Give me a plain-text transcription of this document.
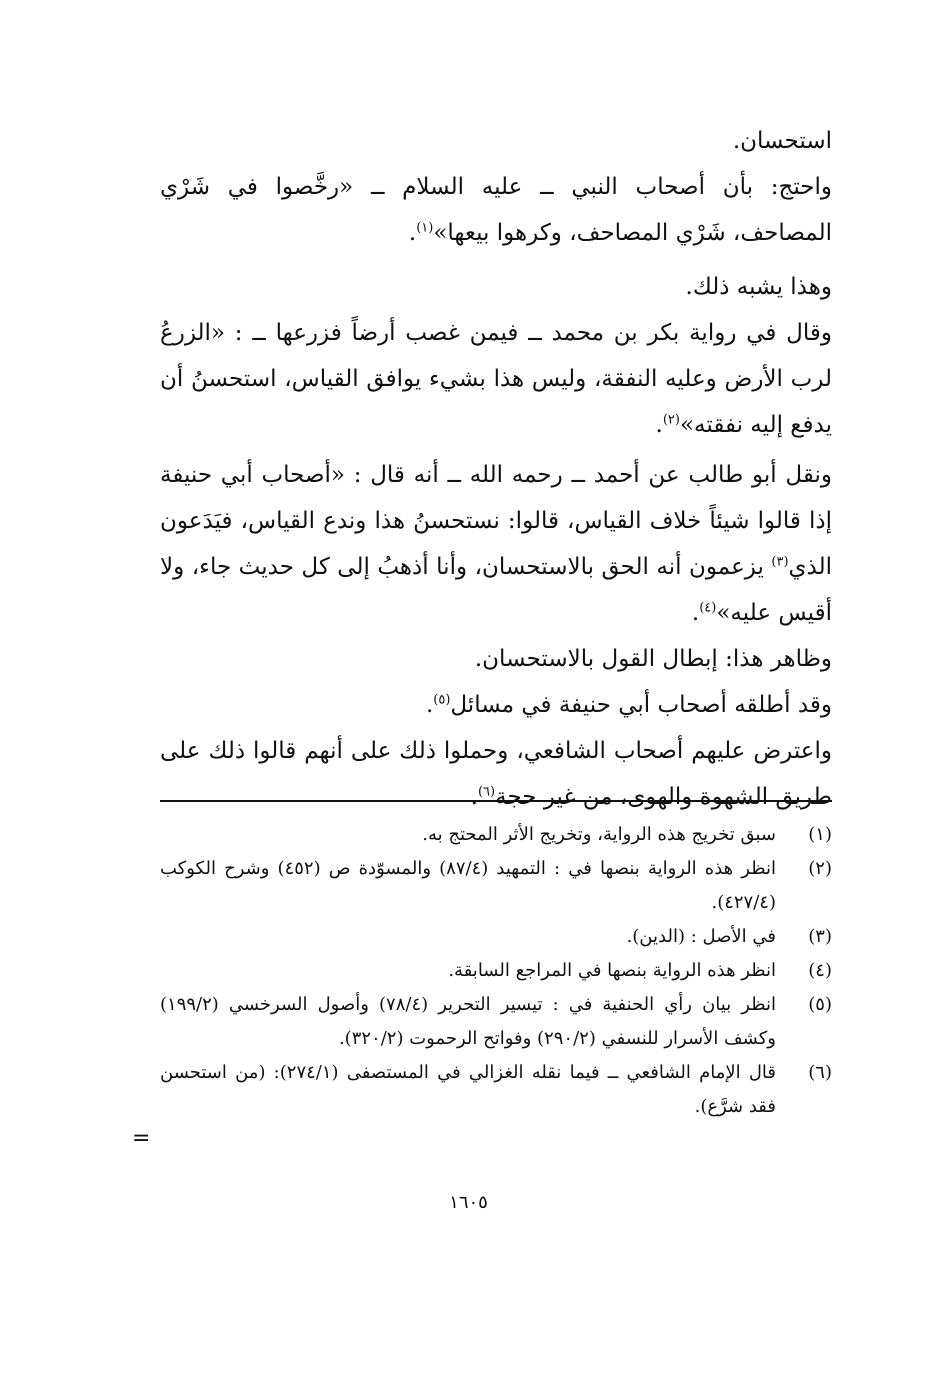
استحسان.

واحتج: بأن أصحاب النبي ــ عليه السلام ــ «رخَّصوا في شَرْي المصاحف، شَرْي المصاحف، وكرهوا بيعها»$^{(١)}$.

وهذا يشبه ذلك.

وقال في رواية بكر بن محمد ــ فيمن غصب أرضاً فزرعها ــ : «الزرعُ لرب الأرض وعليه النفقة، وليس هذا بشيء يوافق القياس، استحسنُ أن يدفع إليه نفقته»$^{(٢)}$.

ونقل أبو طالب عن أحمد ــ رحمه الله ــ أنه قال : «أصحاب أبي حنيفة إذا قالوا شيئاً خلاف القياس، قالوا: نستحسنُ هذا وندع القياس، فيَدَعون الذي$^{(٣)}$ يزعمون أنه الحق بالاستحسان، وأنا أذهبُ إلى كل حديث جاء، ولا أقيس عليه»$^{(٤)}$.

وظاهر هذا: إبطال القول بالاستحسان.

وقد أطلقه أصحاب أبي حنيفة في مسائل$^{(٥)}$.

واعترض عليهم أصحاب الشافعي، وحملوا ذلك على أنهم قالوا ذلك على طريق الشهوة والهوى، من غير حجة$^{(٦)}$.

(١)
سبق تخريج هذه الرواية، وتخريج الأثر المحتج به.
(٢)
انظر هذه الرواية بنصها في : التمهيد (٨٧/٤) والمسوّدة ص (٤٥٢) وشرح الكوكب (٤٢٧/٤).
(٣)
في الأصل : (الدين).
(٤)
انظر هذه الرواية بنصها في المراجع السابقة.
(٥)
انظر بيان رأي الحنفية في : تيسير التحرير (٧٨/٤) وأصول السرخسي (١٩٩/٢) وكشف الأسرار للنسفي (٢٩٠/٢) وفواتح الرحموت (٣٢٠/٢).
(٦)
قال الإمام الشافعي ــ فيما نقله الغزالي في المستصفى (٢٧٤/١): (من استحسن فقد شرَّع).
=
١٦٠٥
